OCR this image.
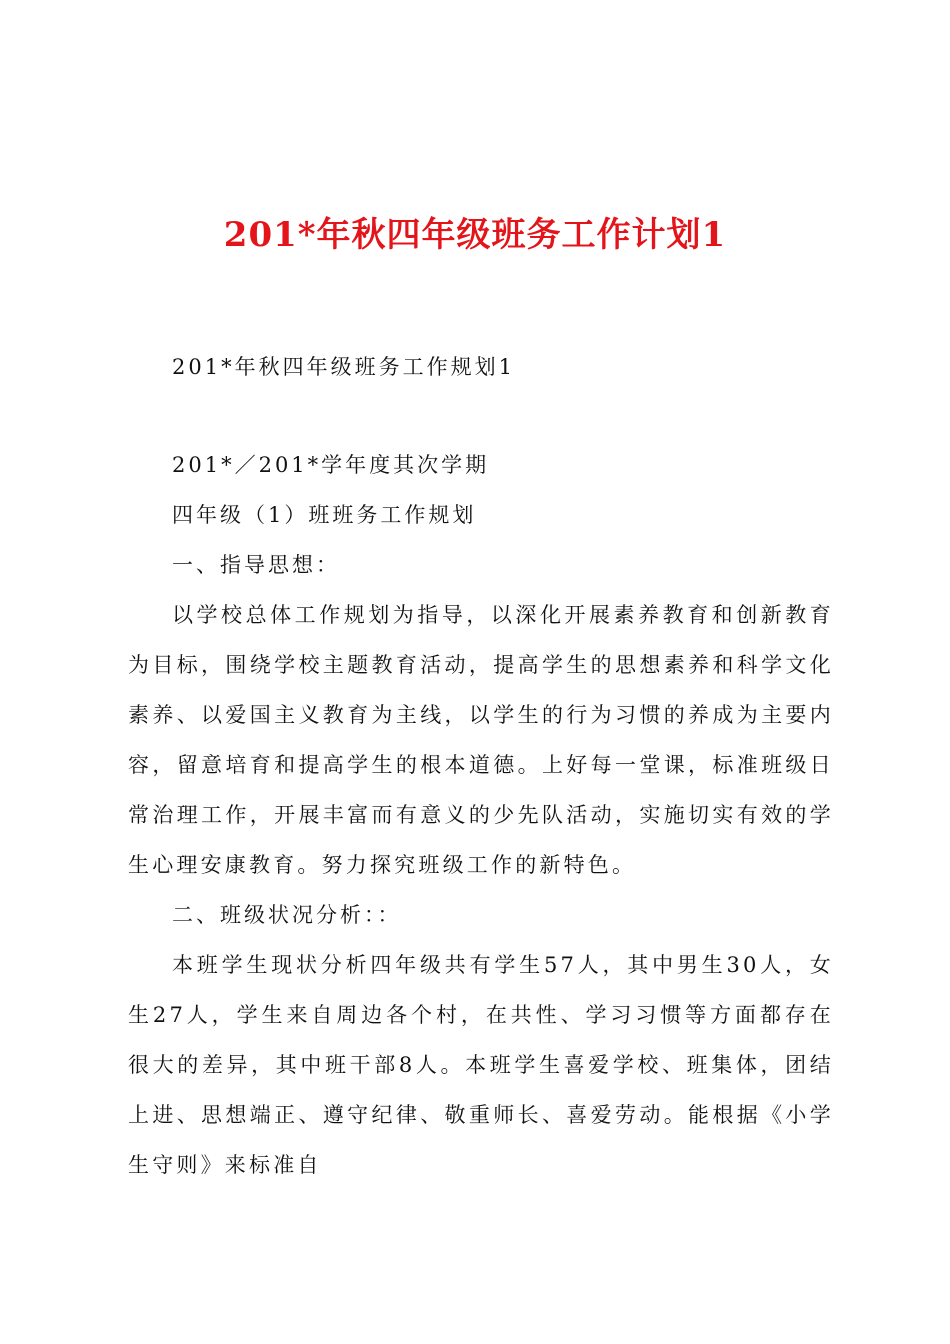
201*年秋四年级班务工作计划1
201*年秋四年级班务工作规划1
201*／201*学年度其次学期
四年级（1）班班务工作规划
一、指导思想：
以学校总体工作规划为指导，以深化开展素养教育和创新教育为目标，围绕学校主题教育活动，提高学生的思想素养和科学文化素养、以爱国主义教育为主线，以学生的行为习惯的养成为主要内容，留意培育和提高学生的根本道德。上好每一堂课，标准班级日常治理工作，开展丰富而有意义的少先队活动，实施切实有效的学生心理安康教育。努力探究班级工作的新特色。
二、班级状况分析：：
本班学生现状分析四年级共有学生57人，其中男生30人，女生27人，学生来自周边各个村，在共性、学习习惯等方面都存在很大的差异，其中班干部8人。本班学生喜爱学校、班集体，团结上进、思想端正、遵守纪律、敬重师长、喜爱劳动。能根据《小学生守则》来标准自
